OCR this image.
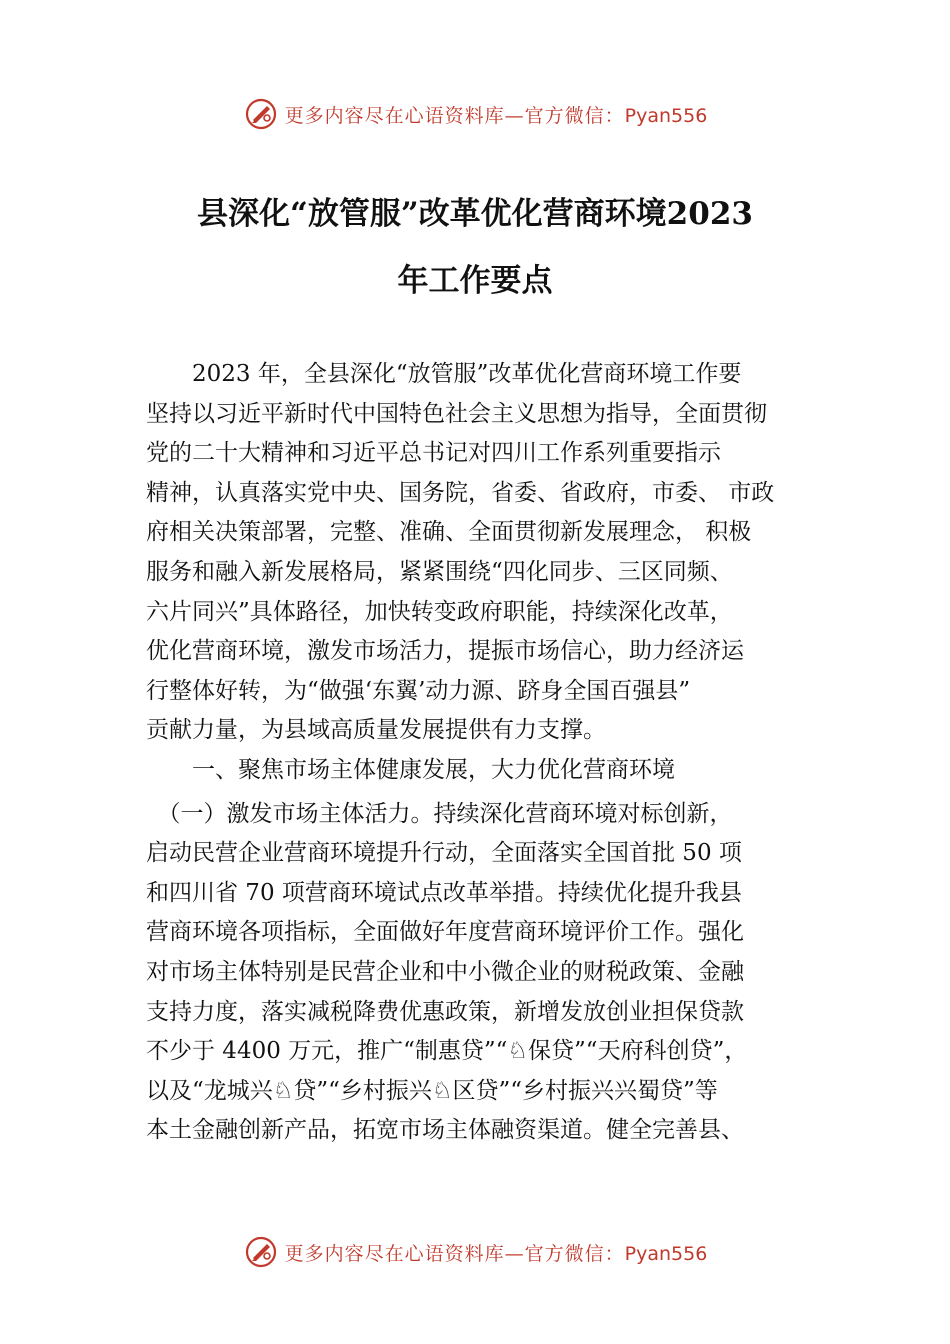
更多内容尽在心语资料库—官方微信：Pyan556
县深化“放管服”改革优化营商环境2023
年工作要点
　　2023 年，全县深化“放管服”改革优化营商环境工作要
坚持以习近平新时代中国特色社会主义思想为指导，全面贯彻
党的二十大精神和习近平总书记对四川工作系列重要指示
精神，认真落实党中央、国务院，省委、省政府，市委、 市政
府相关决策部署，完整、准确、全面贯彻新发展理念， 积极
服务和融入新发展格局，紧紧围绕“四化同步、三区同频、
六片同兴”具体路径，加快转变政府职能，持续深化改革，
优化营商环境，激发市场活力，提振市场信心，助力经济运
行整体好转，为“做强‘东翼’动力源、跻身全国百强县”
贡献力量，为县域高质量发展提供有力支撑。
　　一、聚焦市场主体健康发展，大力优化营商环境
　（一）激发市场主体活力。持续深化营商环境对标创新，
启动民营企业营商环境提升行动，全面落实全国首批 50 项
和四川省 70 项营商环境试点改革举措。持续优化提升我县
营商环境各项指标，全面做好年度营商环境评价工作。强化
对市场主体特别是民营企业和中小微企业的财税政策、金融
支持力度，落实减税降费优惠政策，新增发放创业担保贷款
不少于 4400 万元，推广“制惠贷”“♘保贷”“天府科创贷”，
以及“龙城兴♘贷”“乡村振兴♘区贷”“乡村振兴兴蜀贷”等
本土金融创新产品，拓宽市场主体融资渠道。健全完善县、
更多内容尽在心语资料库—官方微信：Pyan556
